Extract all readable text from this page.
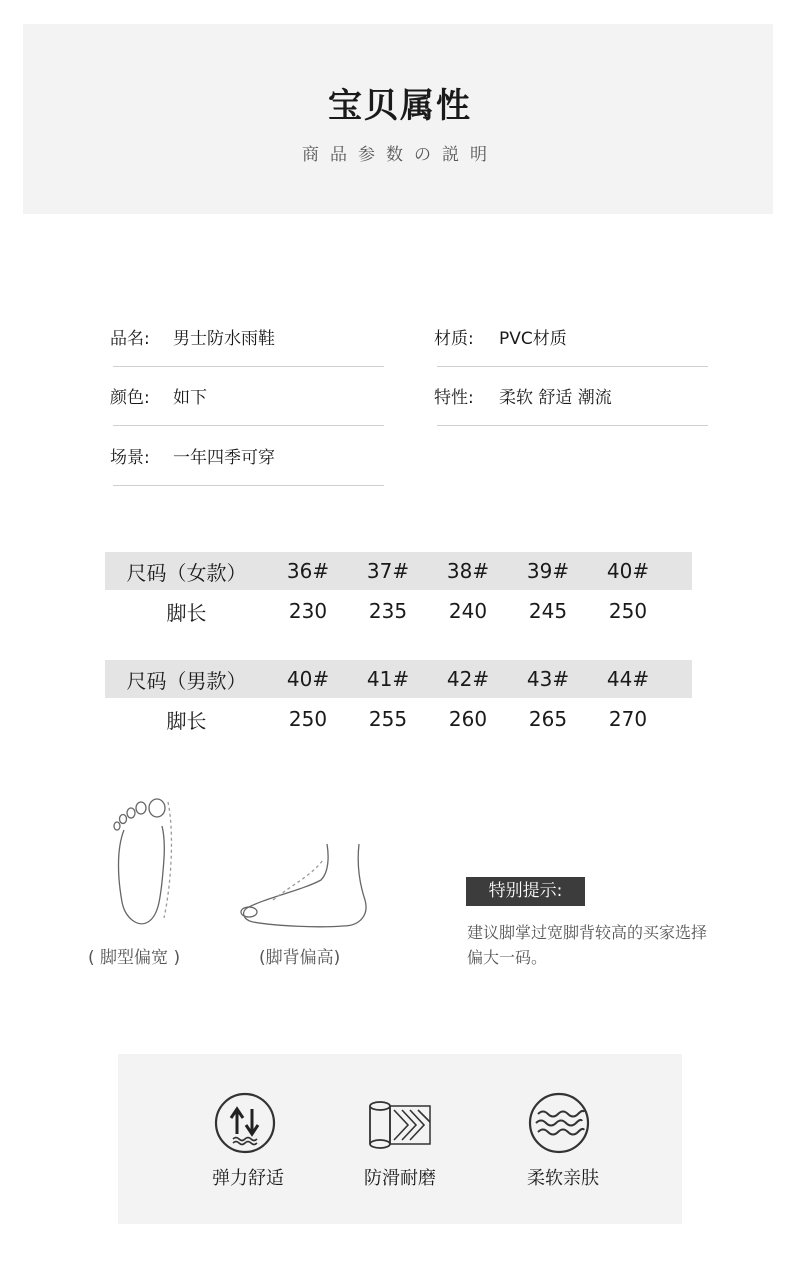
宝贝属性
商品参数の説明
品名: 男士防水雨鞋	材质: PVC材质
颜色: 如下	特性: 柔软 舒适 潮流
场景: 一年四季可穿
尺码（女款）	36#	37#	38#	39#	40#
脚长	230	235	240	245	250
尺码（男款）	40#	41#	42#	43#	44#
脚长	250	255	260	265	270
( 脚型偏宽 )	(脚背偏高)
特别提示:
建议脚掌过宽脚背较高的买家选择偏大一码。
弹力舒适	防滑耐磨	柔软亲肤
